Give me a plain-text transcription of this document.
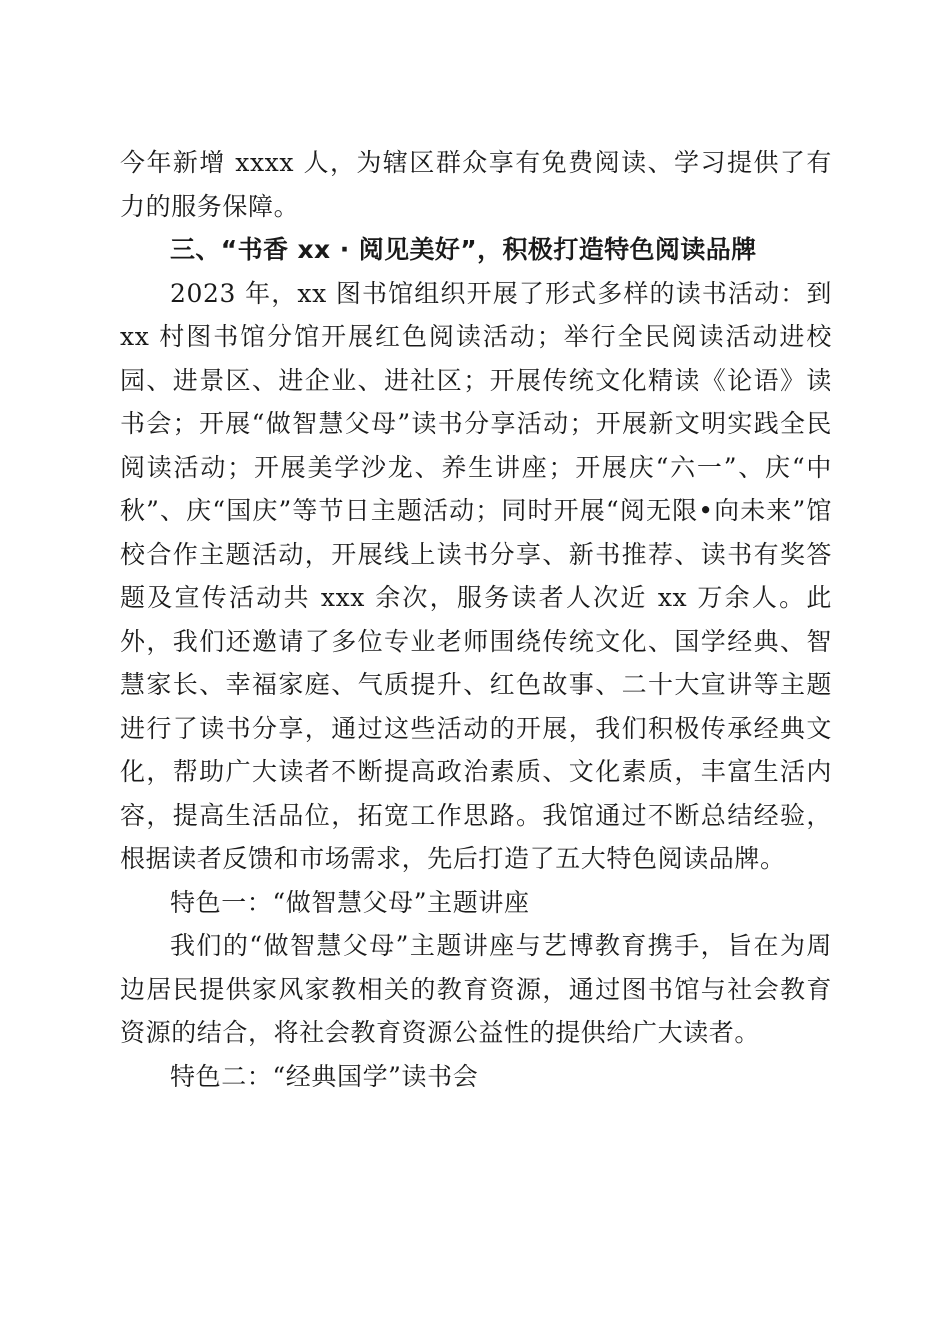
今年新增 xxxx 人，为辖区群众享有免费阅读、学习提供了有力的服务保障。

三、“书香 xx · 阅见美好”，积极打造特色阅读品牌

2023 年，xx 图书馆组织开展了形式多样的读书活动：到 xx 村图书馆分馆开展红色阅读活动；举行全民阅读活动进校园、进景区、进企业、进社区；开展传统文化精读《论语》读书会；开展“做智慧父母”读书分享活动；开展新文明实践全民阅读活动；开展美学沙龙、养生讲座；开展庆“六一”、庆“中秋”、庆“国庆”等节日主题活动；同时开展“阅无限•向未来”馆校合作主题活动，开展线上读书分享、新书推荐、读书有奖答题及宣传活动共 xxx 余次，服务读者人次近 xx 万余人。此外，我们还邀请了多位专业老师围绕传统文化、国学经典、智慧家长、幸福家庭、气质提升、红色故事、二十大宣讲等主题进行了读书分享，通过这些活动的开展，我们积极传承经典文化，帮助广大读者不断提高政治素质、文化素质，丰富生活内容，提高生活品位，拓宽工作思路。我馆通过不断总结经验，根据读者反馈和市场需求，先后打造了五大特色阅读品牌。

特色一：“做智慧父母”主题讲座

我们的“做智慧父母”主题讲座与艺博教育携手，旨在为周边居民提供家风家教相关的教育资源，通过图书馆与社会教育资源的结合，将社会教育资源公益性的提供给广大读者。

特色二：“经典国学”读书会
